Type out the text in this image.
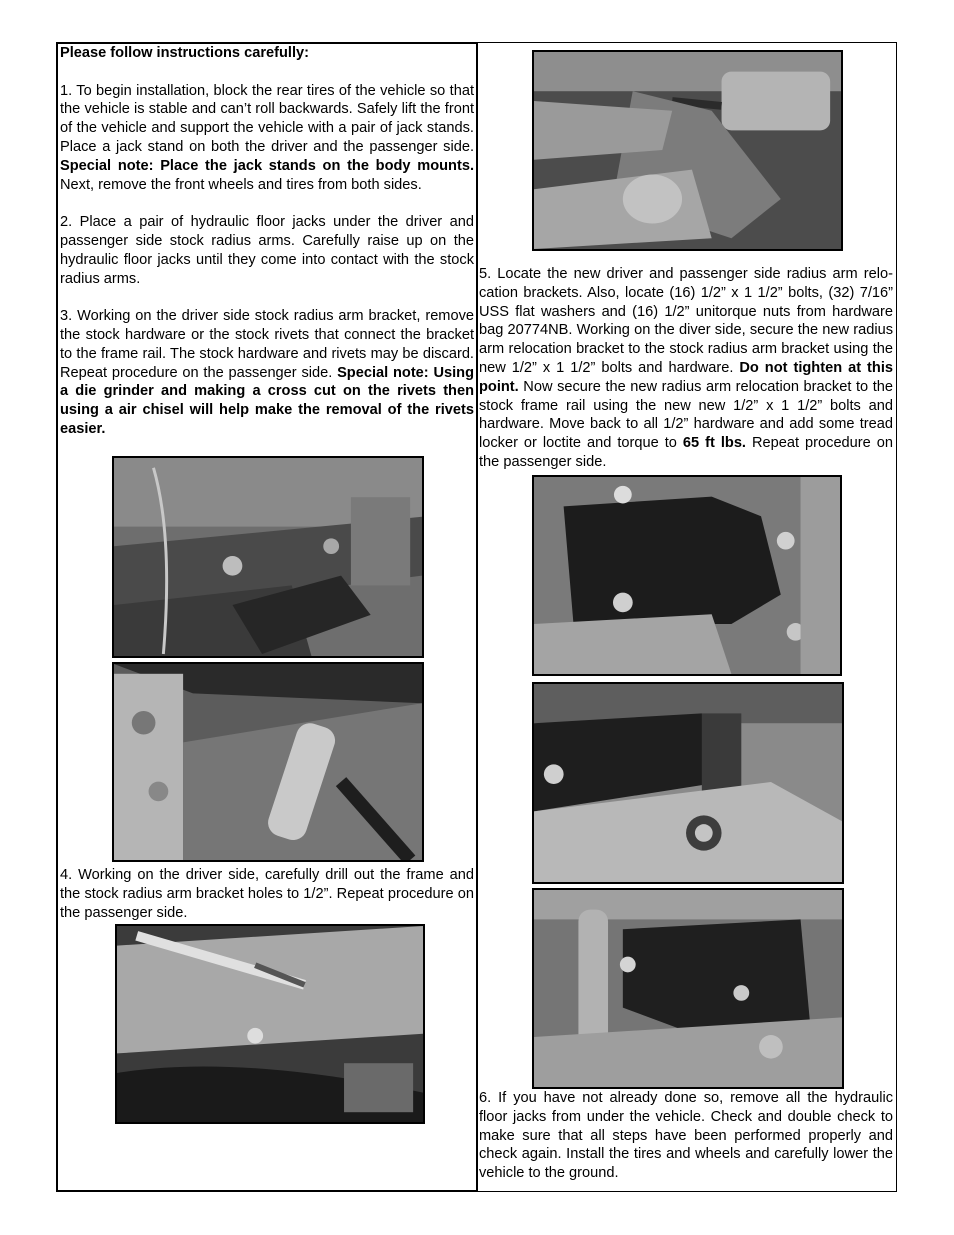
Please follow instructions carefully:
1. To begin installation, block the rear tires of the vehicle so that the vehicle is stable and can’t roll backwards. Safely lift the front of the vehicle and support the vehicle with a pair of jack stands. Place a jack stand on both the driver and the passenger side. Special note: Place the jack stands on the body mounts. Next, remove the front wheels and tires from both sides.
2. Place a pair of hydraulic floor jacks under the driver and passenger side stock radius arms. Carefully raise up on the hydraulic floor jacks until they come into contact with the stock radius arms.
3. Working on the driver side stock radius arm bracket, remove the stock hardware or the stock rivets that connect the bracket to the frame rail. The stock hardware and rivets may be discard. Repeat procedure on the passenger side. Special note: Using a die grinder and making a cross cut on the rivets then using a air chisel will help make the removal of the rivets easier.
4. Working on the driver side, carefully drill out the frame and the stock radius arm bracket holes to 1/2”. Repeat procedure on the passenger side.
5. Locate the new driver and passenger side radius arm relo-cation brackets. Also, locate (16) 1/2” x 1 1/2” bolts, (32) 7/16” USS flat washers and (16) 1/2” unitorque nuts from hardware bag 20774NB. Working on the diver side, secure the new radius arm relocation bracket to the stock radius arm bracket using the new 1/2” x 1 1/2” bolts and hardware. Do not tighten at this point. Now secure the new radius arm relocation bracket to the stock frame rail using the new new 1/2” x 1 1/2” bolts and hardware. Move back to all 1/2” hardware and add some tread locker or loctite and torque to 65 ft lbs. Repeat procedure on the passenger side.
6. If you have not already done so, remove all the hydraulic floor jacks from under the vehicle. Check and double check to make sure that all steps have been performed properly and check again. Install the tires and wheels and carefully lower the vehicle to the ground.
